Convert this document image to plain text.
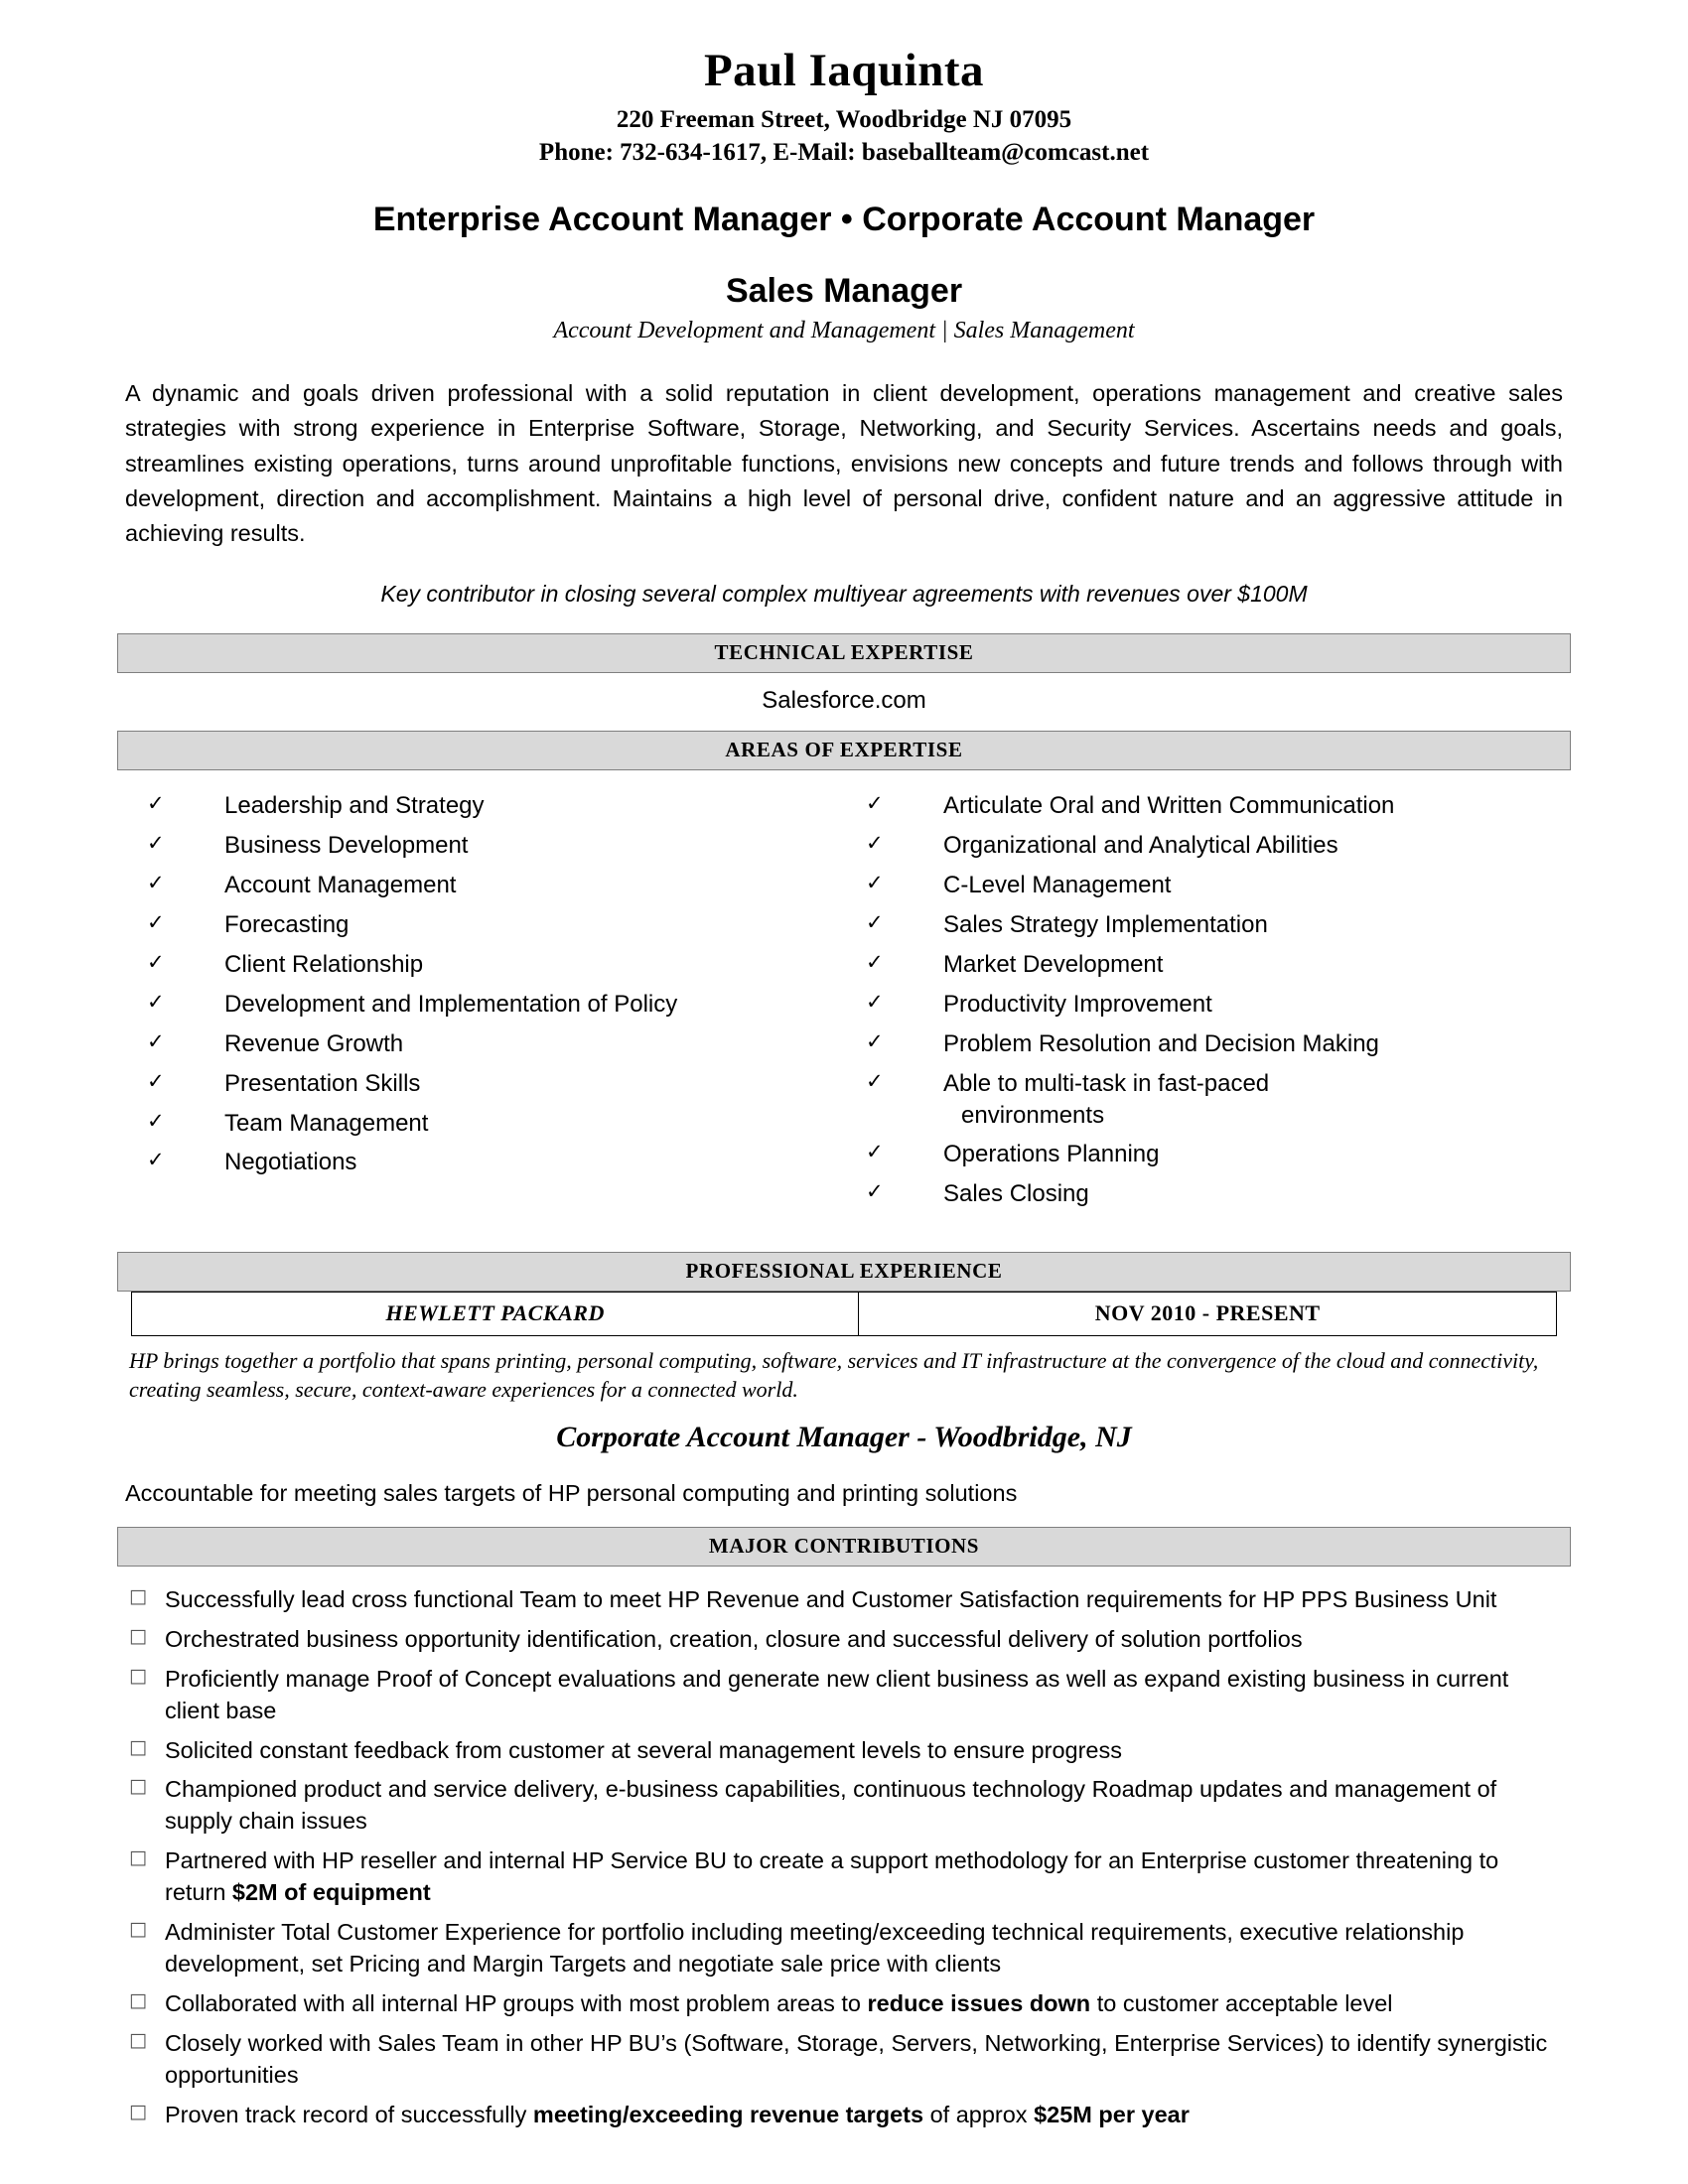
Paul Iaquinta
220 Freeman Street, Woodbridge NJ 07095
Phone: 732-634-1617, E-Mail: baseballteam@comcast.net
Enterprise Account Manager • Corporate Account Manager
Sales Manager
Account Development and Management | Sales Management
A dynamic and goals driven professional with a solid reputation in client development, operations management and creative sales strategies with strong experience in Enterprise Software, Storage, Networking, and Security Services. Ascertains needs and goals, streamlines existing operations, turns around unprofitable functions, envisions new concepts and future trends and follows through with development, direction and accomplishment. Maintains a high level of personal drive, confident nature and an aggressive attitude in achieving results.
Key contributor in closing several complex multiyear agreements with revenues over $100M
TECHNICAL EXPERTISE
Salesforce.com
AREAS OF EXPERTISE
✓	Leadership and Strategy
✓	Business Development
✓	Account Management
✓	Forecasting
✓	Client Relationship
✓	Development and Implementation of Policy
✓	Revenue Growth
✓	Presentation Skills
✓	Team Management
✓	Negotiations
✓	Articulate Oral and Written Communication
✓	Organizational and Analytical Abilities
✓	C-Level Management
✓	Sales Strategy Implementation
✓	Market Development
✓	Productivity Improvement
✓	Problem Resolution and Decision Making
✓	Able to multi-task in fast-paced
environments
✓	Operations Planning
✓	Sales Closing
PROFESSIONAL EXPERIENCE
HEWLETT PACKARD	NOV 2010 - PRESENT
HP brings together a portfolio that spans printing, personal computing, software, services and IT infrastructure at the convergence of the cloud and connectivity, creating seamless, secure, context-aware experiences for a connected world.
Corporate Account Manager - Woodbridge, NJ
Accountable for meeting sales targets of HP personal computing and printing solutions
MAJOR CONTRIBUTIONS
□ Successfully lead cross functional Team to meet HP Revenue and Customer Satisfaction requirements for HP PPS Business Unit
□ Orchestrated business opportunity identification, creation, closure and successful delivery of solution portfolios
□ Proficiently manage Proof of Concept evaluations and generate new client business as well as expand existing business in current client base
□ Solicited constant feedback from customer at several management levels to ensure progress
□ Championed product and service delivery, e-business capabilities, continuous technology Roadmap updates and management of supply chain issues
□ Partnered with HP reseller and internal HP Service BU to create a support methodology for an Enterprise customer threatening to return $2M of equipment
□ Administer Total Customer Experience for portfolio including meeting/exceeding technical requirements, executive relationship development, set Pricing and Margin Targets and negotiate sale price with clients
□ Collaborated with all internal HP groups with most problem areas to reduce issues down to customer acceptable level
□ Closely worked with Sales Team in other HP BU’s (Software, Storage, Servers, Networking, Enterprise Services) to identify synergistic opportunities
□ Proven track record of successfully meeting/exceeding revenue targets of approx $25M per year
